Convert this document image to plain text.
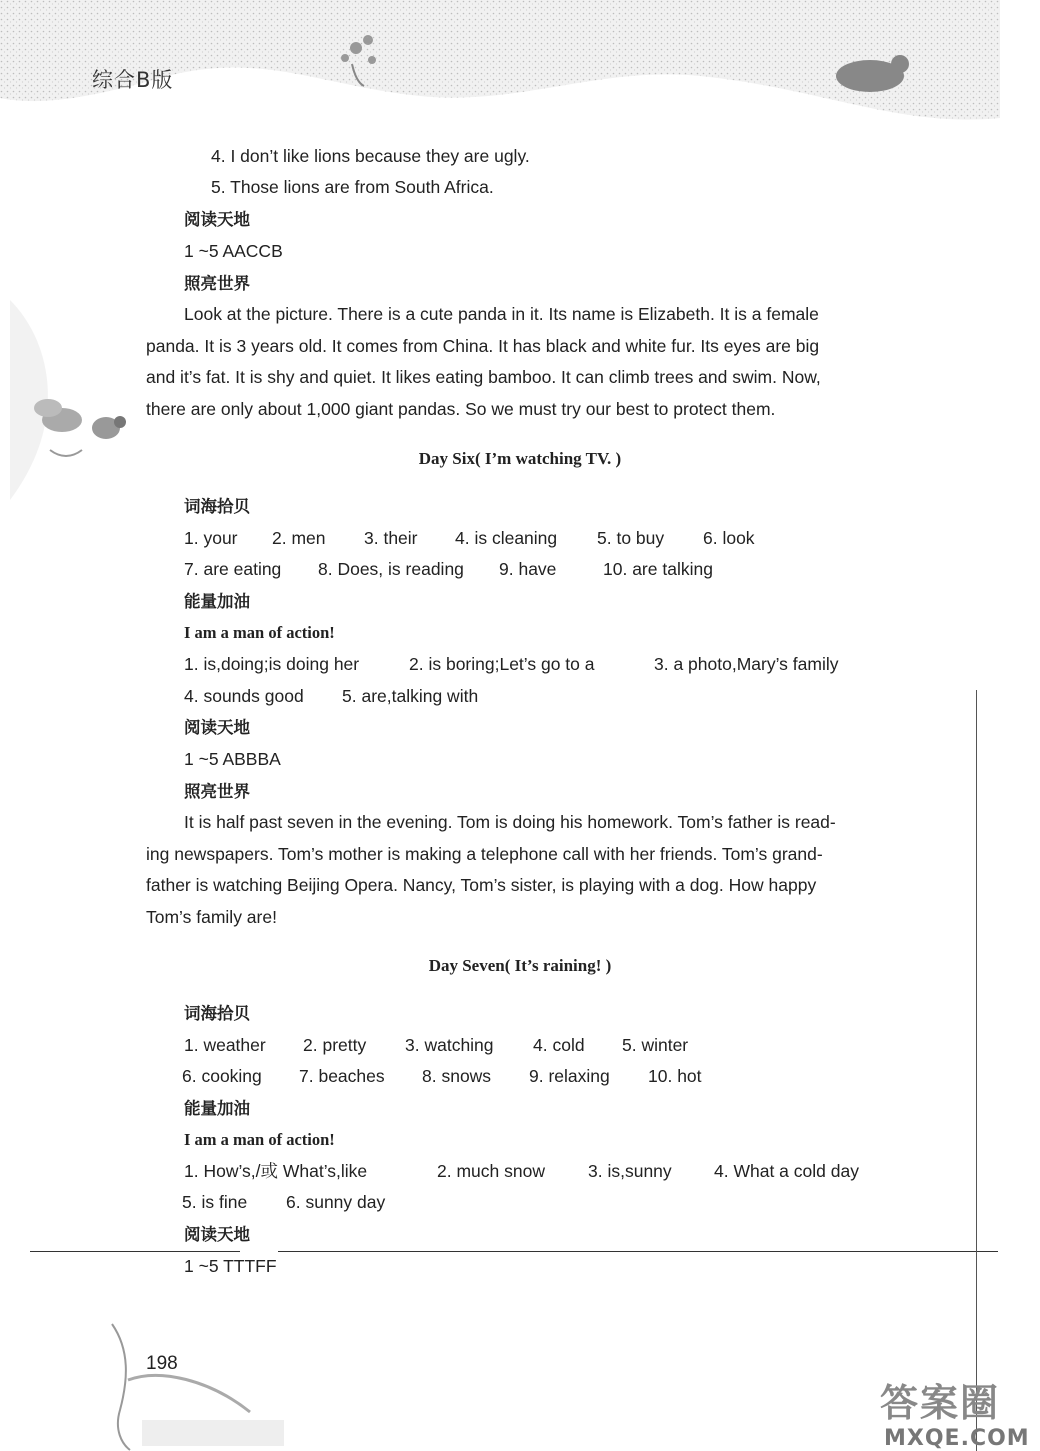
综合B版
4. I don’t like lions because they are ugly.
5. Those lions are from South Africa.
阅读天地
1 ~5 AACCB
照亮世界
Look at the picture. There is a cute panda in it. Its name is Elizabeth. It is a female
panda. It is 3 years old. It comes from China. It has black and white fur. Its eyes are big
and it’s fat. It is shy and quiet. It likes eating bamboo. It can climb trees and swim. Now,
there are only about 1,000 giant pandas. So we must try our best to protect them.
Day Six( I’m watching TV. )
词海拾贝
1. your 2. men 3. their 4. is cleaning 5. to buy 6. look
7. are eating 8. Does, is reading 9. have	10. are talking
能量加油
I am a man of action!
1. is,doing;is doing her	2. is boring;Let’s go to a	3. a photo,Mary’s family
4. sounds good 5. are,talking with
阅读天地
1 ~5 ABBBA
照亮世界
It is half past seven in the evening. Tom is doing his homework. Tom’s father is read-
ing newspapers. Tom’s mother is making a telephone call with her friends. Tom’s grand-
father is watching Beijing Opera. Nancy, Tom’s sister, is playing with a dog. How happy
Tom’s family are!
Day Seven( It’s raining! )
词海拾贝
1. weather 2. pretty 3. watching 4. cold 5. winter
6. cooking 7. beaches 8. snows 9. relaxing 10. hot
能量加油
I am a man of action!
1. How’s,/或 What’s,like	2. much snow 3. is,sunny 4. What a cold day
5. is fine 6. sunny day
阅读天地
1 ~5 TTTFF
198
答案圈
MXQE.COM
